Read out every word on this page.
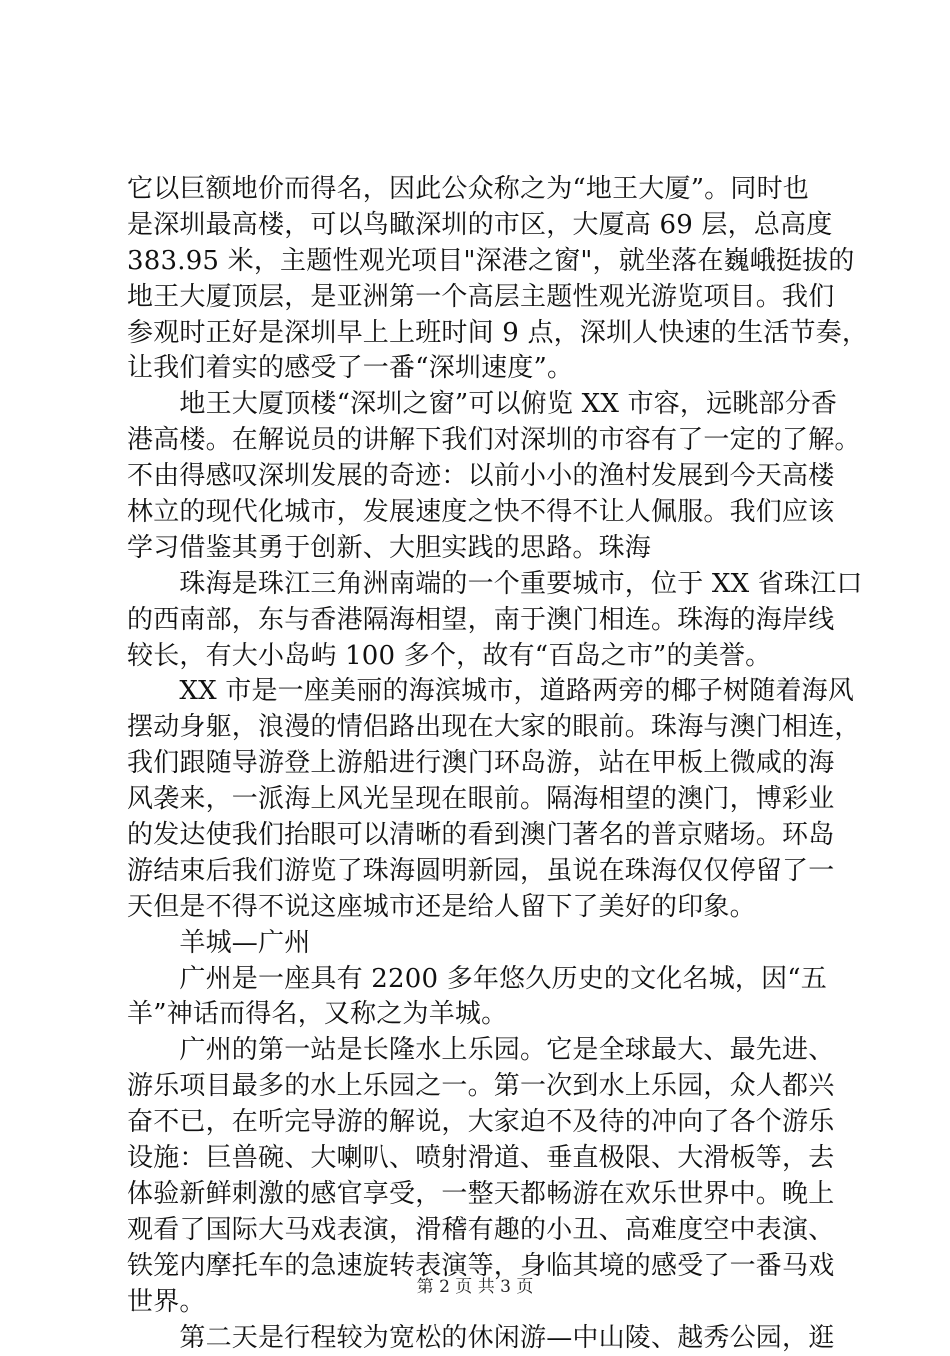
它以巨额地价而得名，因此公众称之为“地王大厦”。同时也
是深圳最高楼，可以鸟瞰深圳的市区，大厦高 69 层，总高度
383.95 米，主题性观光项目"深港之窗"，就坐落在巍峨挺拔的
地王大厦顶层，是亚洲第一个高层主题性观光游览项目。我们
参观时正好是深圳早上上班时间 9 点，深圳人快速的生活节奏，
让我们着实的感受了一番“深圳速度”。
　　地王大厦顶楼“深圳之窗”可以俯览 XX 市容，远眺部分香
港高楼。在解说员的讲解下我们对深圳的市容有了一定的了解。
不由得感叹深圳发展的奇迹：以前小小的渔村发展到今天高楼
林立的现代化城市，发展速度之快不得不让人佩服。我们应该
学习借鉴其勇于创新、大胆实践的思路。珠海
　　珠海是珠江三角洲南端的一个重要城市，位于 XX 省珠江口
的西南部，东与香港隔海相望，南于澳门相连。珠海的海岸线
较长，有大小岛屿 100 多个，故有“百岛之市”的美誉。
　　XX 市是一座美丽的海滨城市，道路两旁的椰子树随着海风
摆动身躯，浪漫的情侣路出现在大家的眼前。珠海与澳门相连，
我们跟随导游登上游船进行澳门环岛游，站在甲板上微咸的海
风袭来，一派海上风光呈现在眼前。隔海相望的澳门，博彩业
的发达使我们抬眼可以清晰的看到澳门著名的普京赌场。环岛
游结束后我们游览了珠海圆明新园，虽说在珠海仅仅停留了一
天但是不得不说这座城市还是给人留下了美好的印象。
　　羊城—广州
　　广州是一座具有 2200 多年悠久历史的文化名城，因“五
羊”神话而得名，又称之为羊城。
　　广州的第一站是长隆水上乐园。它是全球最大、最先进、
游乐项目最多的水上乐园之一。第一次到水上乐园，众人都兴
奋不已，在听完导游的解说，大家迫不及待的冲向了各个游乐
设施：巨兽碗、大喇叭、喷射滑道、垂直极限、大滑板等，去
体验新鲜刺激的感官享受，一整天都畅游在欢乐世界中。晚上
观看了国际大马戏表演，滑稽有趣的小丑、高难度空中表演、
铁笼内摩托车的急速旋转表演等，身临其境的感受了一番马戏
世界。
　　第二天是行程较为宽松的休闲游—中山陵、越秀公园，逛
第 2 页 共 3 页
